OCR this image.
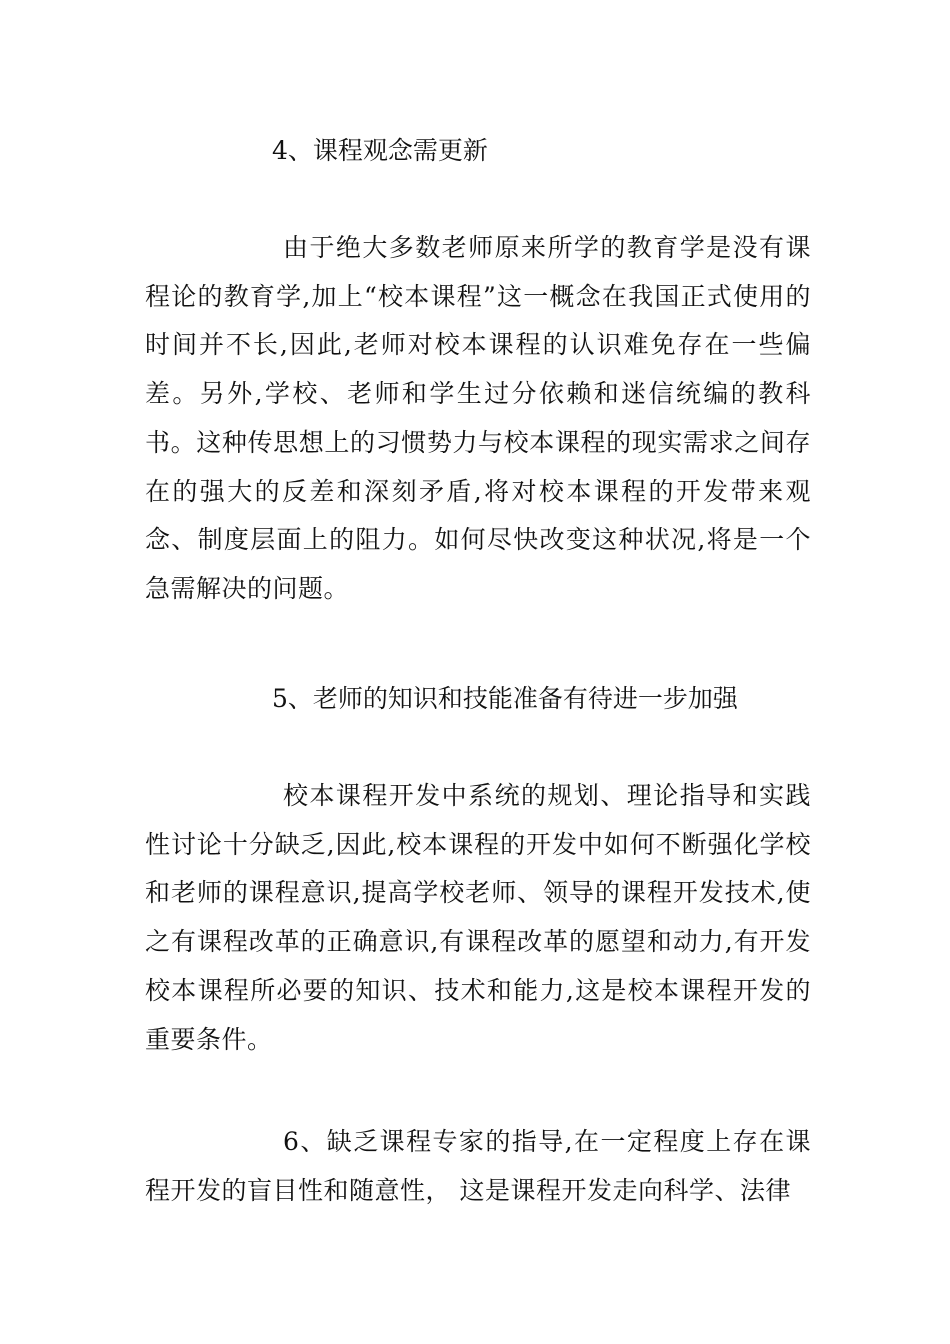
4、课程观念需更新
由于绝大多数老师原来所学的教育学是没有课程论的教育学,加上“校本课程”这一概念在我国正式使用的时间并不长,因此,老师对校本课程的认识难免存在一些偏差。另外,学校、老师和学生过分依赖和迷信统编的教科书。这种传思想上的习惯势力与校本课程的现实需求之间存在的强大的反差和深刻矛盾,将对校本课程的开发带来观念、制度层面上的阻力。如何尽快改变这种状况,将是一个急需解决的问题。
5、老师的知识和技能准备有待进一步加强
校本课程开发中系统的规划、理论指导和实践性讨论十分缺乏,因此,校本课程的开发中如何不断强化学校和老师的课程意识,提高学校老师、领导的课程开发技术,使之有课程改革的正确意识,有课程改革的愿望和动力,有开发校本课程所必要的知识、技术和能力,这是校本课程开发的重要条件。
6、缺乏课程专家的指导,在一定程度上存在课程开发的盲目性和随意性， 这是课程开发走向科学、法律
